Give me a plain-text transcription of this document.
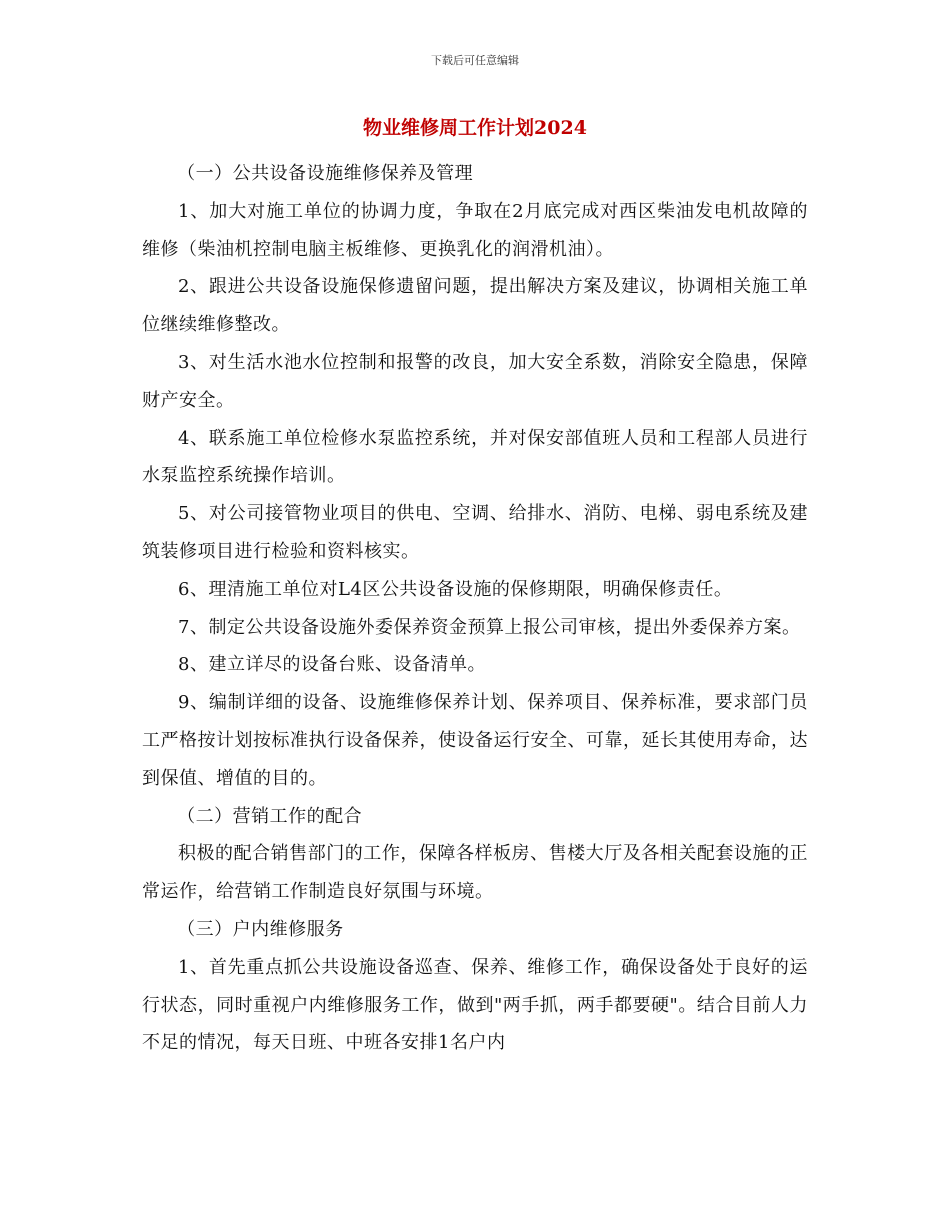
下载后可任意编辑
物业维修周工作计划2024

（一）公共设备设施维修保养及管理

1、加大对施工单位的协调力度，争取在2月底完成对西区柴油发电机故障的维修（柴油机控制电脑主板维修、更换乳化的润滑机油）。

2、跟进公共设备设施保修遗留问题，提出解决方案及建议，协调相关施工单位继续维修整改。

3、对生活水池水位控制和报警的改良，加大安全系数，消除安全隐患，保障财产安全。

4、联系施工单位检修水泵监控系统，并对保安部值班人员和工程部人员进行水泵监控系统操作培训。

5、对公司接管物业项目的供电、空调、给排水、消防、电梯、弱电系统及建筑装修项目进行检验和资料核实。

6、理清施工单位对L4区公共设备设施的保修期限，明确保修责任。

7、制定公共设备设施外委保养资金预算上报公司审核，提出外委保养方案。

8、建立详尽的设备台账、设备清单。

9、编制详细的设备、设施维修保养计划、保养项目、保养标准，要求部门员工严格按计划按标准执行设备保养，使设备运行安全、可靠，延长其使用寿命，达到保值、增值的目的。

（二）营销工作的配合

积极的配合销售部门的工作，保障各样板房、售楼大厅及各相关配套设施的正常运作，给营销工作制造良好氛围与环境。

（三）户内维修服务

1、首先重点抓公共设施设备巡查、保养、维修工作，确保设备处于良好的运行状态，同时重视户内维修服务工作，做到"两手抓，两手都要硬"。结合目前人力不足的情况，每天日班、中班各安排1名户内
